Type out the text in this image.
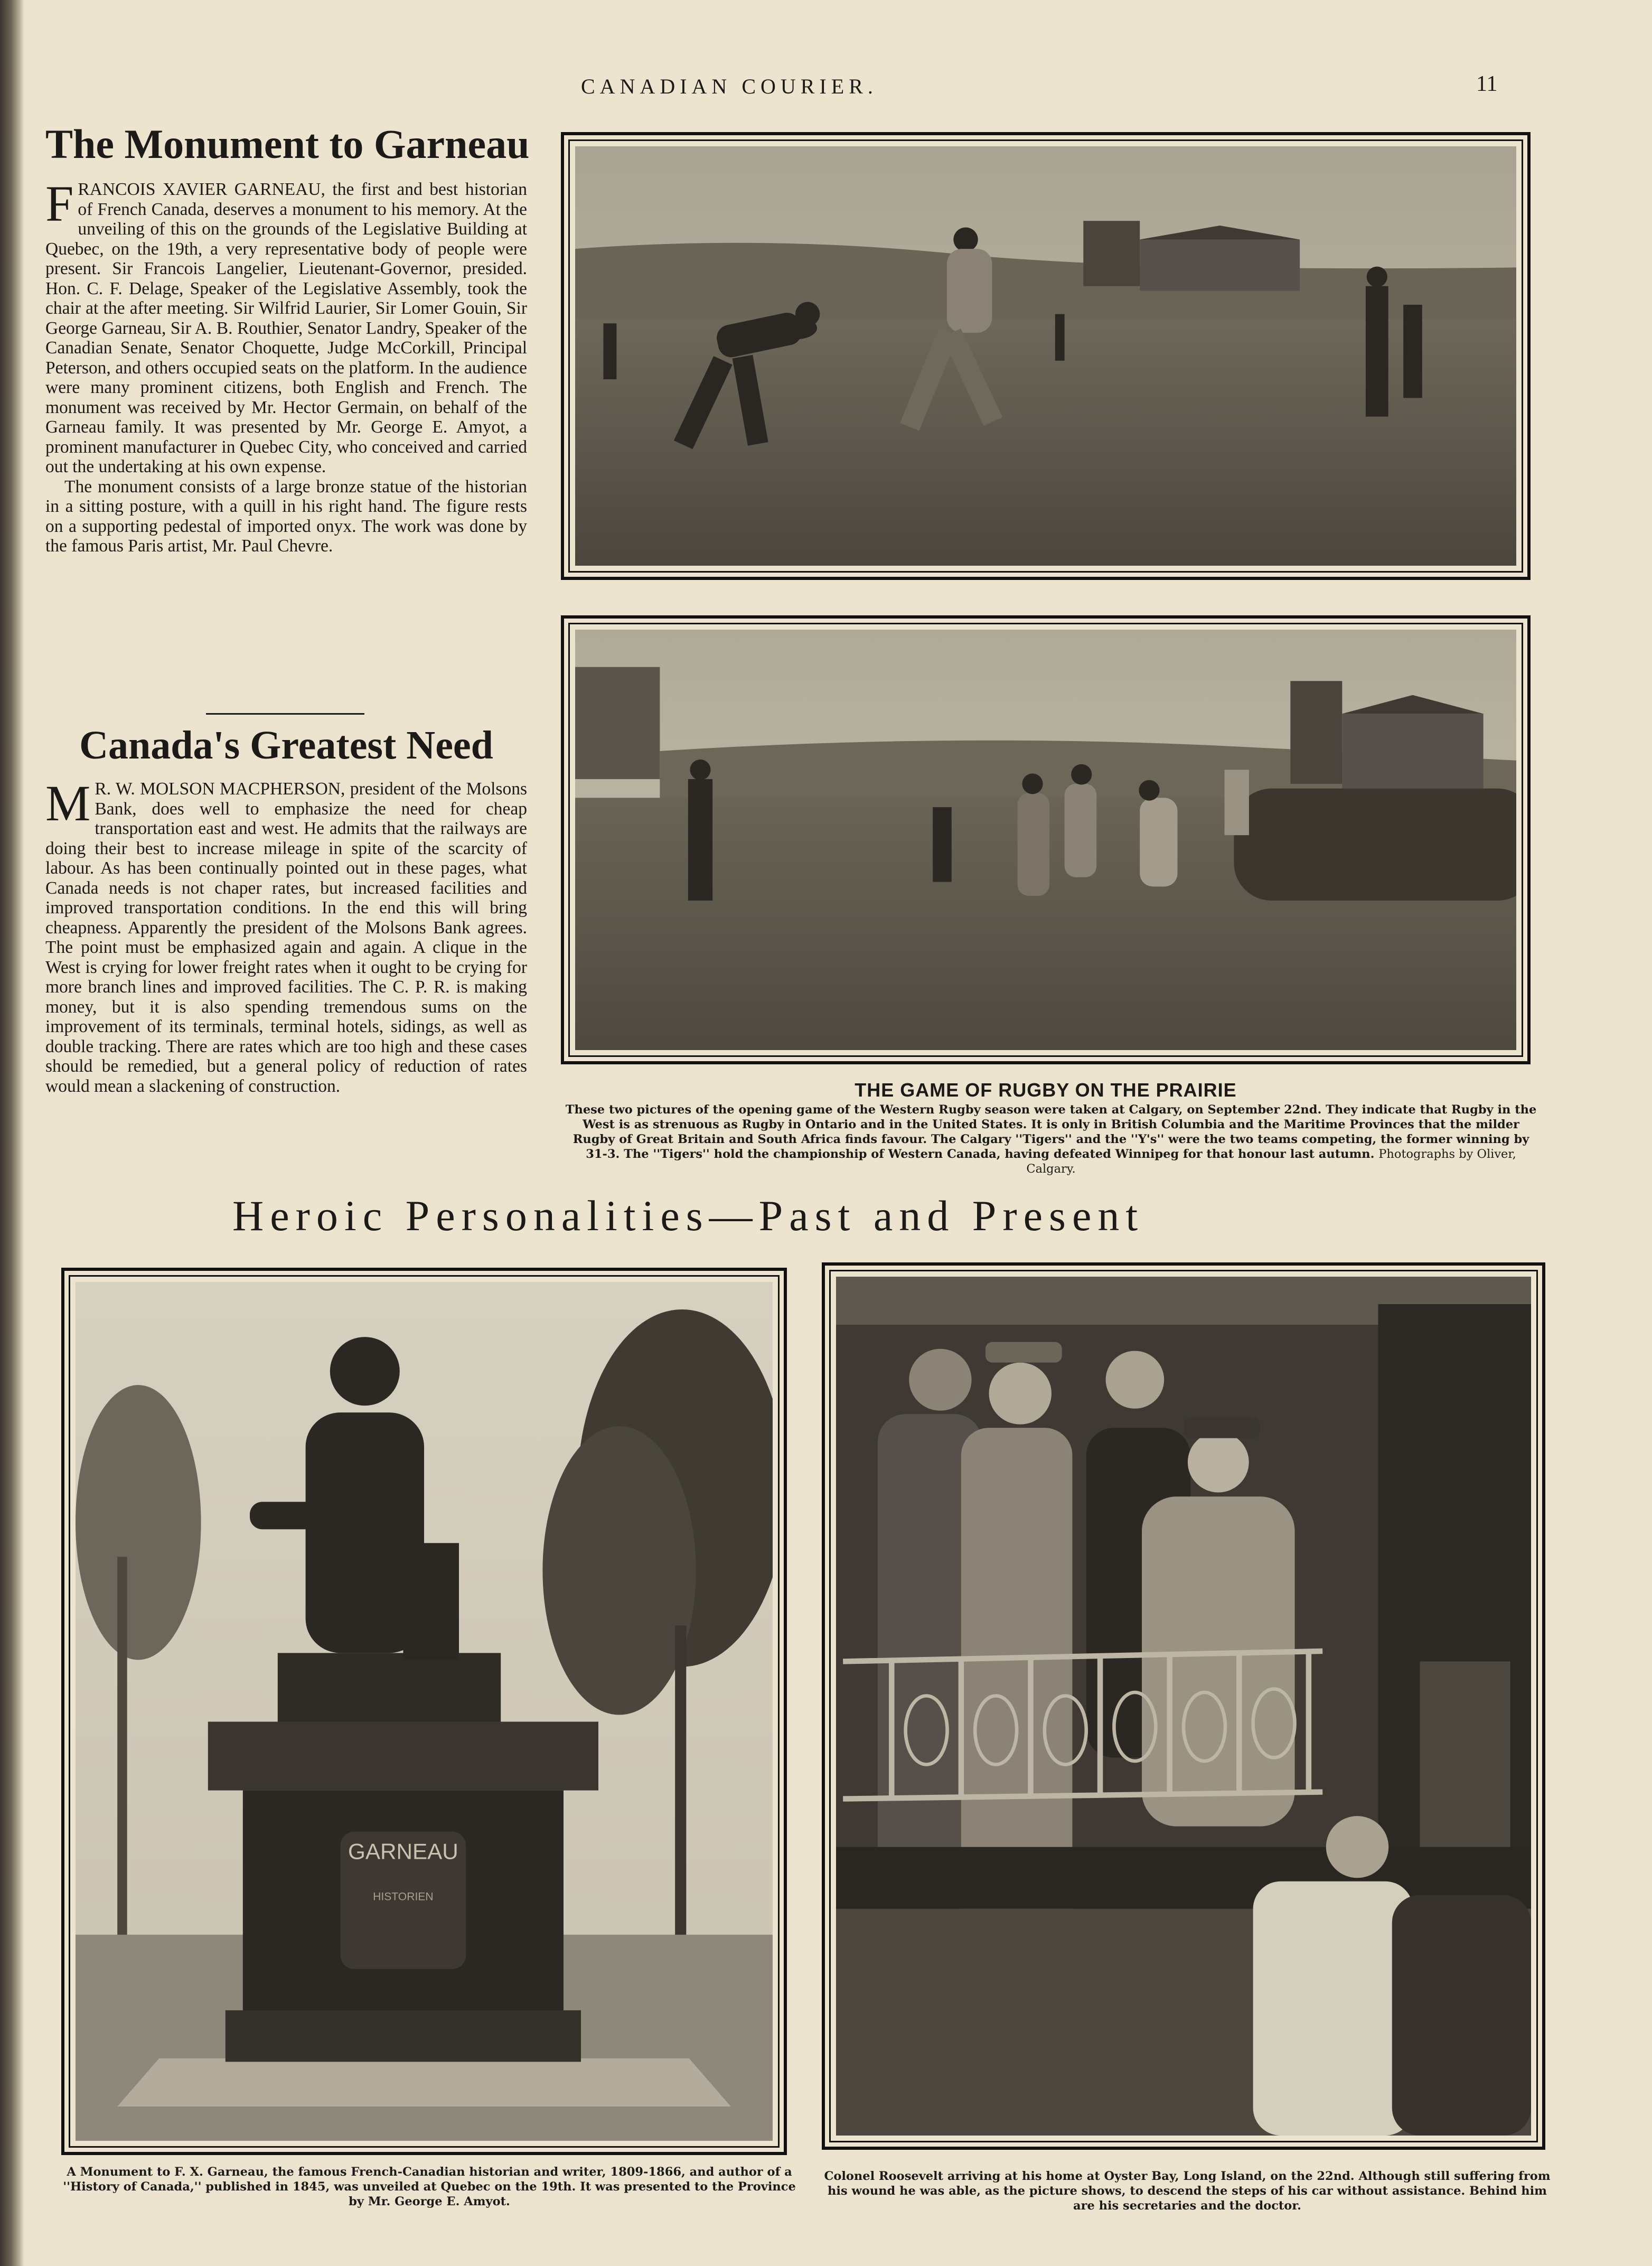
CANADIAN COURIER.	11
The Monument to Garneau

FRANCOIS XAVIER GARNEAU, the first and best historian of French Canada, deserves a monument to his memory. At the unveiling of this on the grounds of the Legislative Building at Quebec, on the 19th, a very representative body of people were present. Sir Francois Langelier, Lieutenant-Governor, presided. Hon. C. F. Delage, Speaker of the Legislative Assembly, took the chair at the after meeting. Sir Wilfrid Laurier, Sir Lomer Gouin, Sir George Garneau, Sir A. B. Routhier, Senator Landry, Speaker of the Canadian Senate, Senator Choquette, Judge McCorkill, Principal Peterson, and others occupied seats on the platform. In the audience were many prominent citizens, both English and French. The monument was received by Mr. Hector Germain, on behalf of the Garneau family. It was presented by Mr. George E. Amyot, a prominent manufacturer in Quebec City, who conceived and carried out the undertaking at his own expense.

The monument consists of a large bronze statue of the historian in a sitting posture, with a quill in his right hand. The figure rests on a supporting pedestal of imported onyx. The work was done by the famous Paris artist, Mr. Paul Chevre.

Canada's Greatest Need

M R. W. MOLSON MACPHERSON, president of the Molsons Bank, does well to emphasize the need for cheap transportation east and west. He admits that the railways are doing their best to increase mileage in spite of the scarcity of labour. As has been continually pointed out in these pages, what Canada needs is not chaper rates, but increased facilities and improved transportation conditions. In the end this will bring cheapness. Apparently the president of the Molsons Bank agrees. The point must be emphasized again and again. A clique in the West is crying for lower freight rates when it ought to be crying for more branch lines and improved facilities. The C. P. R. is making money, but it is also spending tremendous sums on the improvement of its terminals, terminal hotels, sidings, as well as double tracking. There are rates which are too high and these cases should be remedied, but a general policy of reduction of rates would mean a slackening of construction.	THE GAME OF RUGBY ON THE PRAIRIE
These two pictures of the opening game of the Western Rugby season were taken at Calgary, on September 22nd. They indicate that Rugby in the West is as strenuous as Rugby in Ontario and in the United States. It is only in British Columbia and the Maritime Provinces that the milder Rugby of Great Britain and South Africa finds favour. The Calgary ''Tigers'' and the ''Y's'' were the two teams competing, the former winning by 31-3. The ''Tigers'' hold the championship of Western Canada, having defeated Winnipeg for that honour last autumn. Photographs by Oliver, Calgary.
Heroic Personalities—Past and Present
GARNEAU
HISTORIEN
A Monument to F. X. Garneau, the famous French-Canadian historian and writer, 1809-1866, and author of a ''History of Canada,'' published in 1845, was unveiled at Quebec on the 19th. It was presented to the Province by Mr. George E. Amyot.
Colonel Roosevelt arriving at his home at Oyster Bay, Long Island, on the 22nd. Although still suffering from his wound he was able, as the picture shows, to descend the steps of his car without assistance. Behind him are his secretaries and the doctor.
